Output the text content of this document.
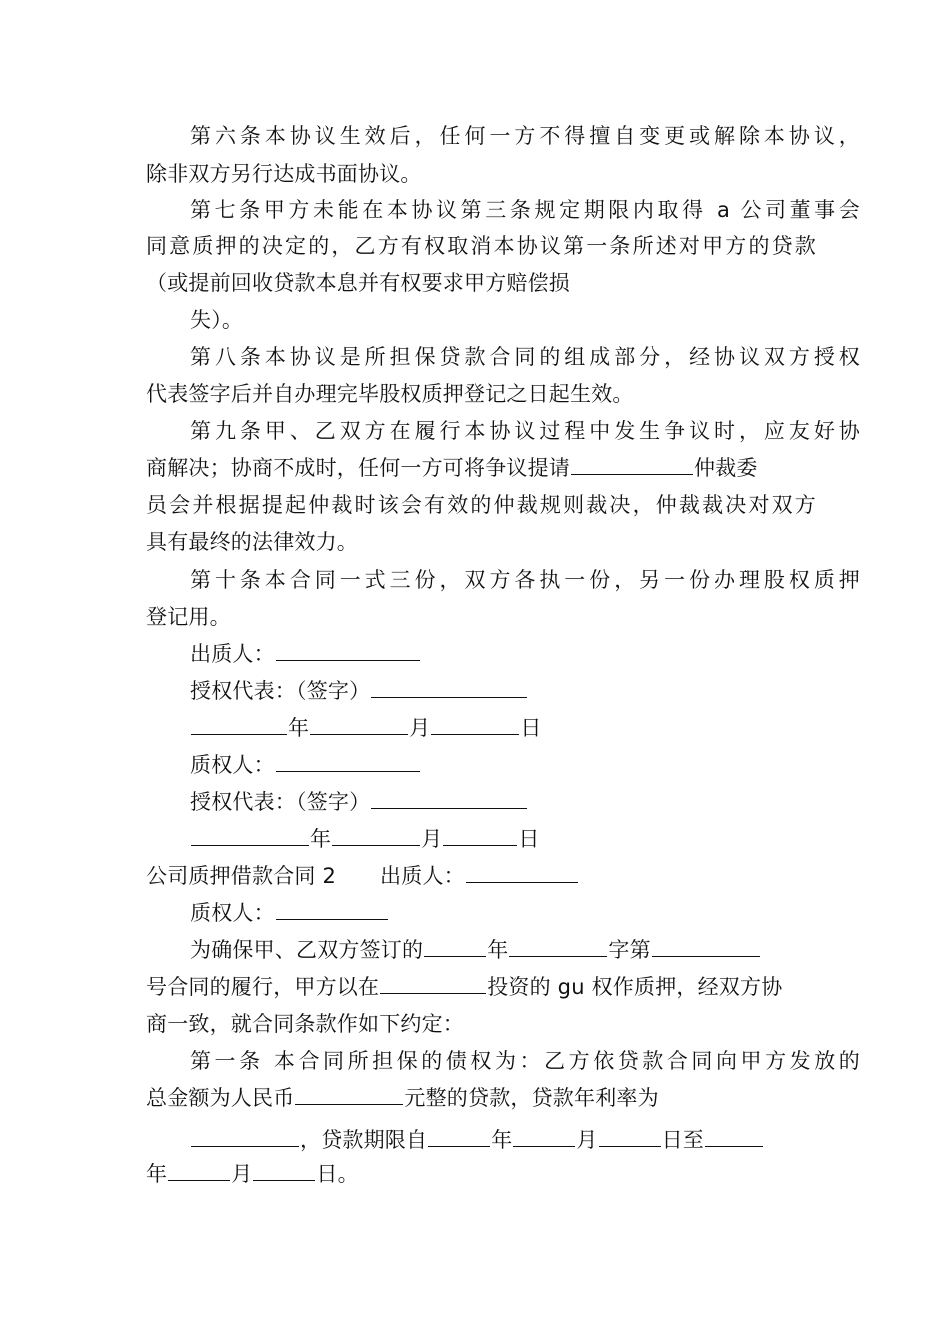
第六条本协议生效后，任何一方不得擅自变更或解除本协议，
除非双方另行达成书面协议。
第七条甲方未能在本协议第三条规定期限内取得 a 公司董事会
同意质押的决定的，乙方有权取消本协议第一条所述对甲方的贷款
（或提前回收贷款本息并有权要求甲方赔偿损
失）。
第八条本协议是所担保贷款合同的组成部分，经协议双方授权
代表签字后并自办理完毕股权质押登记之日起生效。
第九条甲、乙双方在履行本协议过程中发生争议时，应友好协
商解决；协商不成时，任何一方可将争议提请	仲裁委
员会并根据提起仲裁时该会有效的仲裁规则裁决，仲裁裁决对双方
具有最终的法律效力。
第十条本合同一式三份，双方各执一份，另一份办理股权质押
登记用。
出质人：
授权代表：（签字）
年	月	日
质权人：
授权代表：（签字）
年	月	日
公司质押借款合同 2 出质人：
质权人：
为确保甲、乙双方签订的	年	字第
号合同的履行，甲方以在	投资的 gu 权作质押，经双方协
商一致，就合同条款作如下约定：
第一条 本合同所担保的债权为：乙方依贷款合同向甲方发放的
总金额为人民币	元整的贷款，贷款年利率为
，贷款期限自	年	月	日至
年	月	日。
